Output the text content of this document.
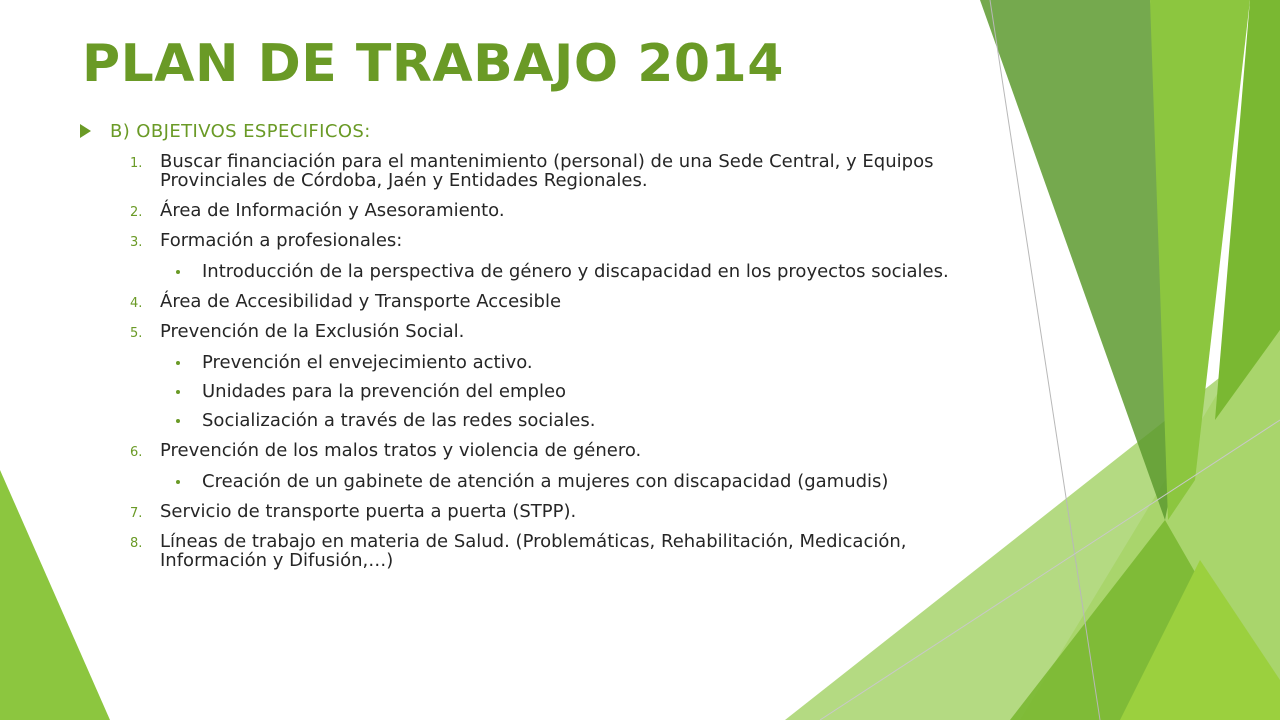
PLAN DE TRABAJO 2014
B) OBJETIVOS ESPECIFICOS:
1. Buscar financiación para el mantenimiento (personal) de una Sede Central, y Equipos Provinciales de Córdoba, Jaén y Entidades Regionales.
2. Área de Información y Asesoramiento.
3. Formación a profesionales:
Introducción de la perspectiva de género y discapacidad en los proyectos sociales.
4. Área de Accesibilidad y Transporte Accesible
5. Prevención de la Exclusión Social.
Prevención el envejecimiento activo.
Unidades para la prevención del empleo
Socialización a través de las redes sociales.
6. Prevención de los malos tratos y violencia de género.
Creación de un gabinete de atención a mujeres con discapacidad (gamudis)
7. Servicio de transporte puerta a puerta (STPP).
8. Líneas de trabajo en materia de Salud. (Problemáticas, Rehabilitación, Medicación, Información y Difusión,…)
